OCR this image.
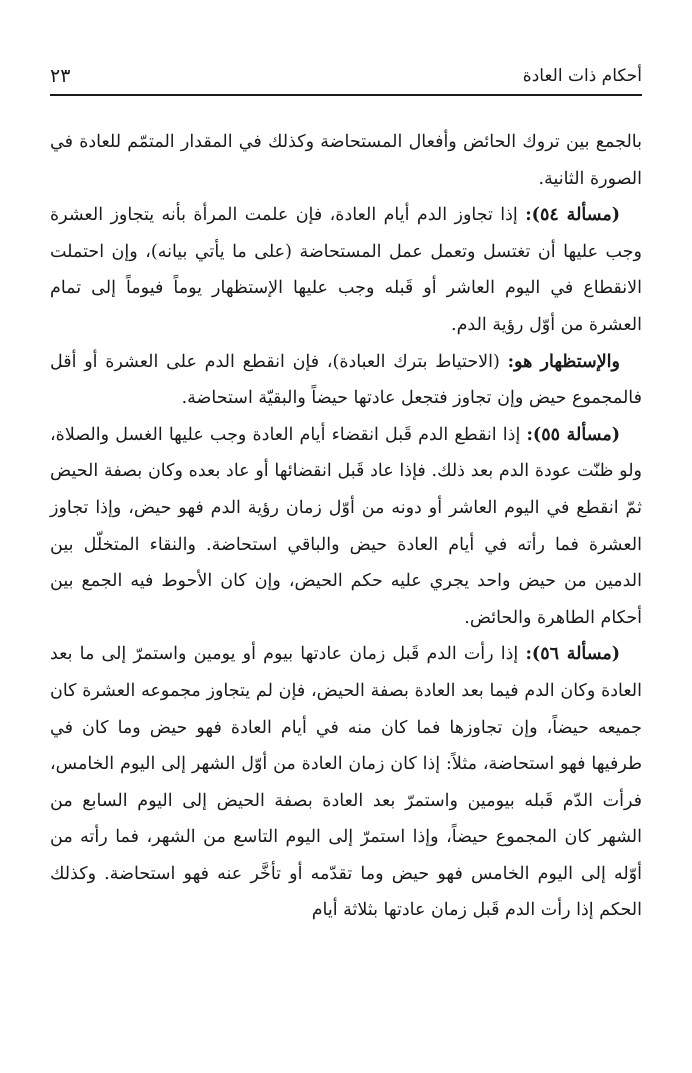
أحكام ذات العادة
٢٣

بالجمع بين تروك الحائض وأفعال المستحاضة وكذلك في المقدار المتمّم للعادة في الصورة الثانية.

(مسألة ٥٤): إذا تجاوز الدم أيام العادة، فإن علمت المرأة بأنه يتجاوز العشرة وجب عليها أن تغتسل وتعمل عمل المستحاضة (على ما يأتي بيانه)، وإن احتملت الانقطاع في اليوم العاشر أو قَبله وجب عليها الإستظهار يوماً فيوماً إلى تمام العشرة من أوّل رؤية الدم.

والإستظهار هو: (الاحتياط بترك العبادة)، فإن انقطع الدم على العشرة أو أقل فالمجموع حيض وإن تجاوز فتجعل عادتها حيضاً والبقيّة استحاضة.

(مسألة ٥٥): إذا انقطع الدم قَبل انقضاء أيام العادة وجب عليها الغسل والصلاة، ولو ظنّت عودة الدم بعد ذلك. فإذا عاد قَبل انقضائها أو عاد بعده وكان بصفة الحيض ثمّ انقطع في اليوم العاشر أو دونه من أوّل زمان رؤية الدم فهو حيض، وإذا تجاوز العشرة فما رأته في أيام العادة حيض والباقي استحاضة. والنقاء المتخلّل بين الدمين من حيض واحد يجري عليه حكم الحيض، وإن كان الأحوط فيه الجمع بين أحكام الطاهرة والحائض.

(مسألة ٥٦): إذا رأت الدم قَبل زمان عادتها بيوم أو يومين واستمرّ إلى ما بعد العادة وكان الدم فيما بعد العادة بصفة الحيض، فإن لم يتجاوز مجموعه العشرة كان جميعه حيضاً، وإن تجاوزها فما كان منه في أيام العادة فهو حيض وما كان في طرفيها فهو استحاضة، مثلاً: إذا كان زمان العادة من أوّل الشهر إلى اليوم الخامس، فرأت الدّم قَبله بيومين واستمرّ بعد العادة بصفة الحيض إلى اليوم السابع من الشهر كان المجموع حيضاً، وإذا استمرّ إلى اليوم التاسع من الشهر، فما رأته من أوّله إلى اليوم الخامس فهو حيض وما تقدّمه أو تأخَّر عنه فهو استحاضة. وكذلك الحكم إذا رأت الدم قَبل زمان عادتها بثلاثة أيام
